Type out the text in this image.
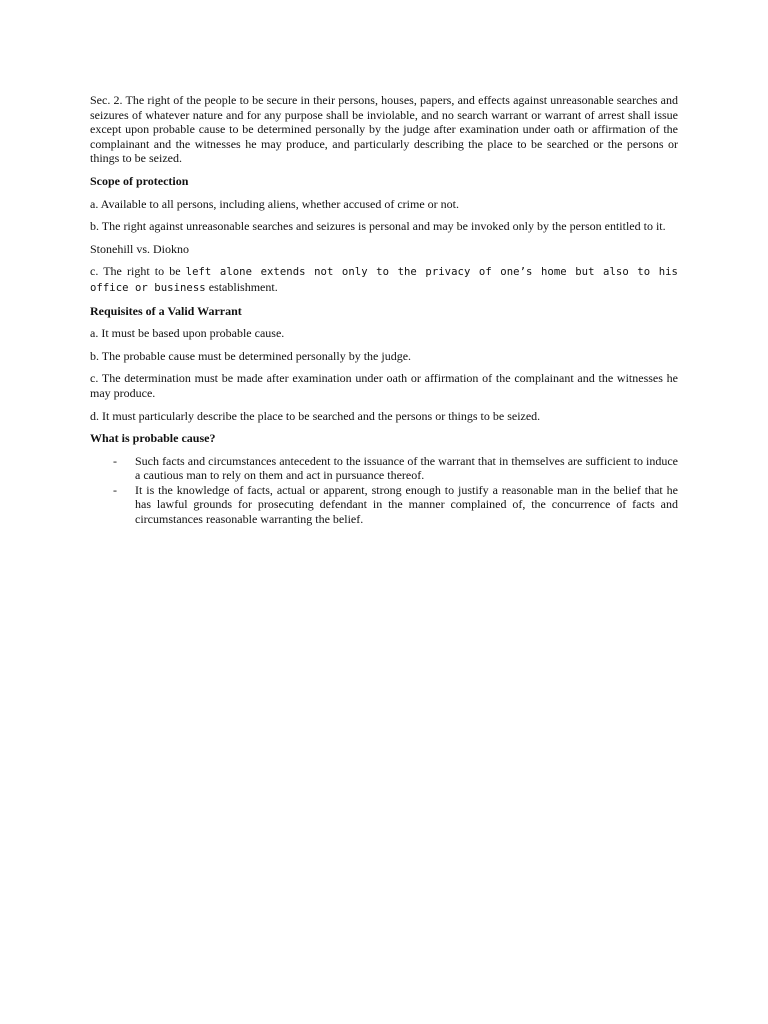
Sec. 2. The right of the people to be secure in their persons, houses, papers, and effects against unreasonable searches and seizures of whatever nature and for any purpose shall be inviolable, and no search warrant or warrant of arrest shall issue except upon probable cause to be determined personally by the judge after examination under oath or affirmation of the complainant and the witnesses he may produce, and particularly describing the place to be searched or the persons or things to be seized.

Scope of protection

a. Available to all persons, including aliens, whether accused of crime or not.

b. The right against unreasonable searches and seizures is personal and may be invoked only by the person entitled to it.

Stonehill vs. Diokno

c. The right to be left alone extends not only to the privacy of one’s home but also to his office or business establishment.

Requisites of a Valid Warrant

a. It must be based upon probable cause.

b. The probable cause must be determined personally by the judge.

c. The determination must be made after examination under oath or affirmation of the complainant and the witnesses he may produce.

d. It must particularly describe the place to be searched and the persons or things to be seized.

What is probable cause?

- Such facts and circumstances antecedent to the issuance of the warrant that in themselves are sufficient to induce a cautious man to rely on them and act in pursuance thereof.
- It is the knowledge of facts, actual or apparent, strong enough to justify a reasonable man in the belief that he has lawful grounds for prosecuting defendant in the manner complained of, the concurrence of facts and circumstances reasonable warranting the belief.
